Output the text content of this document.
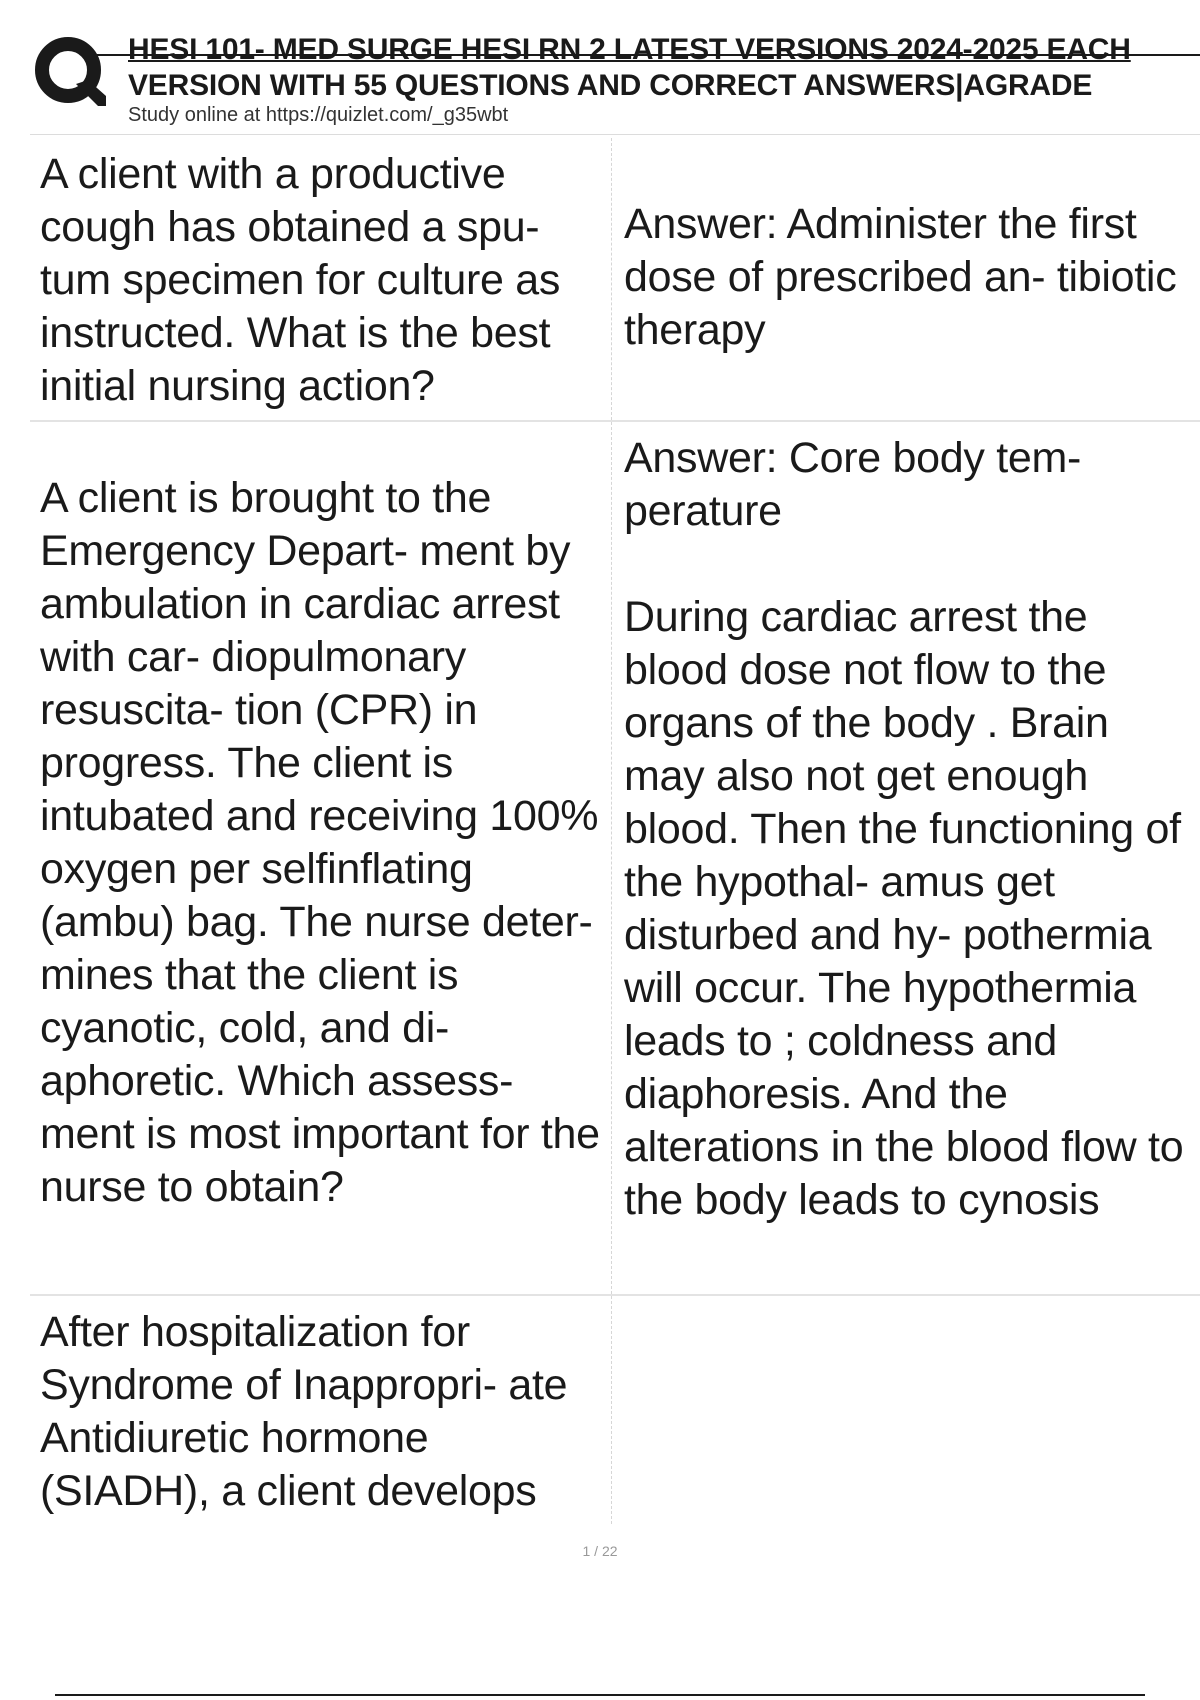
HESI 101- MED SURGE HESI RN 2 LATEST VERSIONS 2024-2025 EACH
VERSION WITH 55 QUESTIONS AND CORRECT ANSWERS|AGRADE
Study online at https://quizlet.com/_g35wbt
A client with a productive cough has obtained a spu- tum specimen for culture as instructed. What is the best initial nursing action?
Answer: Administer the first dose of prescribed an- tibiotic therapy
A client is brought to the Emergency Depart- ment by ambulation in cardiac arrest with car- diopulmonary resuscita- tion (CPR) in progress. The client is intubated and receiving 100% oxygen per selfinflating (ambu) bag. The nurse deter- mines that the client is cyanotic, cold, and di- aphoretic. Which assess- ment is most important for the nurse to obtain?
Answer: Core body tem- perature
During cardiac arrest the blood dose not flow to the organs of the body . Brain may also not get enough blood. Then the functioning of the hypothal- amus get disturbed and hy- pothermia will occur. The hypothermia leads to ; coldness and diaphoresis. And the alterations in the blood flow to the body leads to cynosis
After hospitalization for Syndrome of Inappropri- ate Antidiuretic hormone (SIADH), a client develops
1 / 22
